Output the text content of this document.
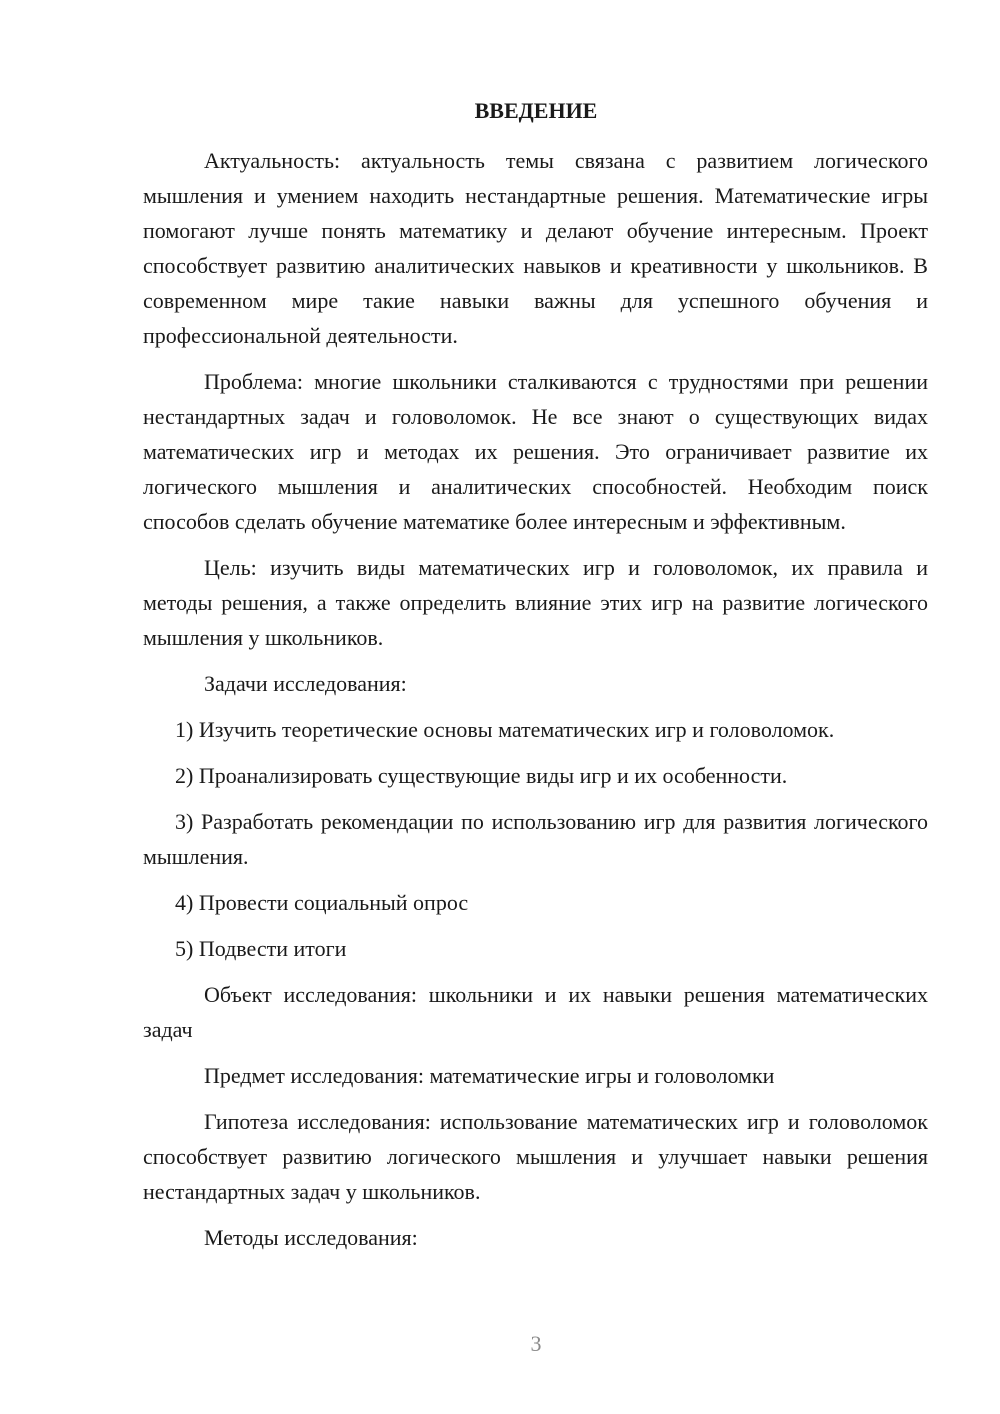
ВВЕДЕНИЕ

Актуальность: актуальность темы связана с развитием логического мышления и умением находить нестандартные решения. Математические игры помогают лучше понять математику и делают обучение интересным. Проект способствует развитию аналитических навыков и креативности у школьников. В современном мире такие навыки важны для успешного обучения и профессиональной деятельности.

Проблема: многие школьники сталкиваются с трудностями при решении нестандартных задач и головоломок. Не все знают о существующих видах математических игр и методах их решения. Это ограничивает развитие их логического мышления и аналитических способностей. Необходим поиск способов сделать обучение математике более интересным и эффективным.

Цель: изучить виды математических игр и головоломок, их правила и методы решения, а также определить влияние этих игр на развитие логического мышления у школьников.

Задачи исследования:

1) Изучить теоретические основы математических игр и головоломок.
2) Проанализировать существующие виды игр и их особенности.
3) Разработать рекомендации по использованию игр для развития логического мышления.
4) Провести социальный опрос
5) Подвести итоги

Объект исследования: школьники и их навыки решения математических задач

Предмет исследования: математические игры и головоломки

Гипотеза исследования: использование математических игр и головоломок способствует развитию логического мышления и улучшает навыки решения нестандартных задач у школьников.

Методы исследования:

3
